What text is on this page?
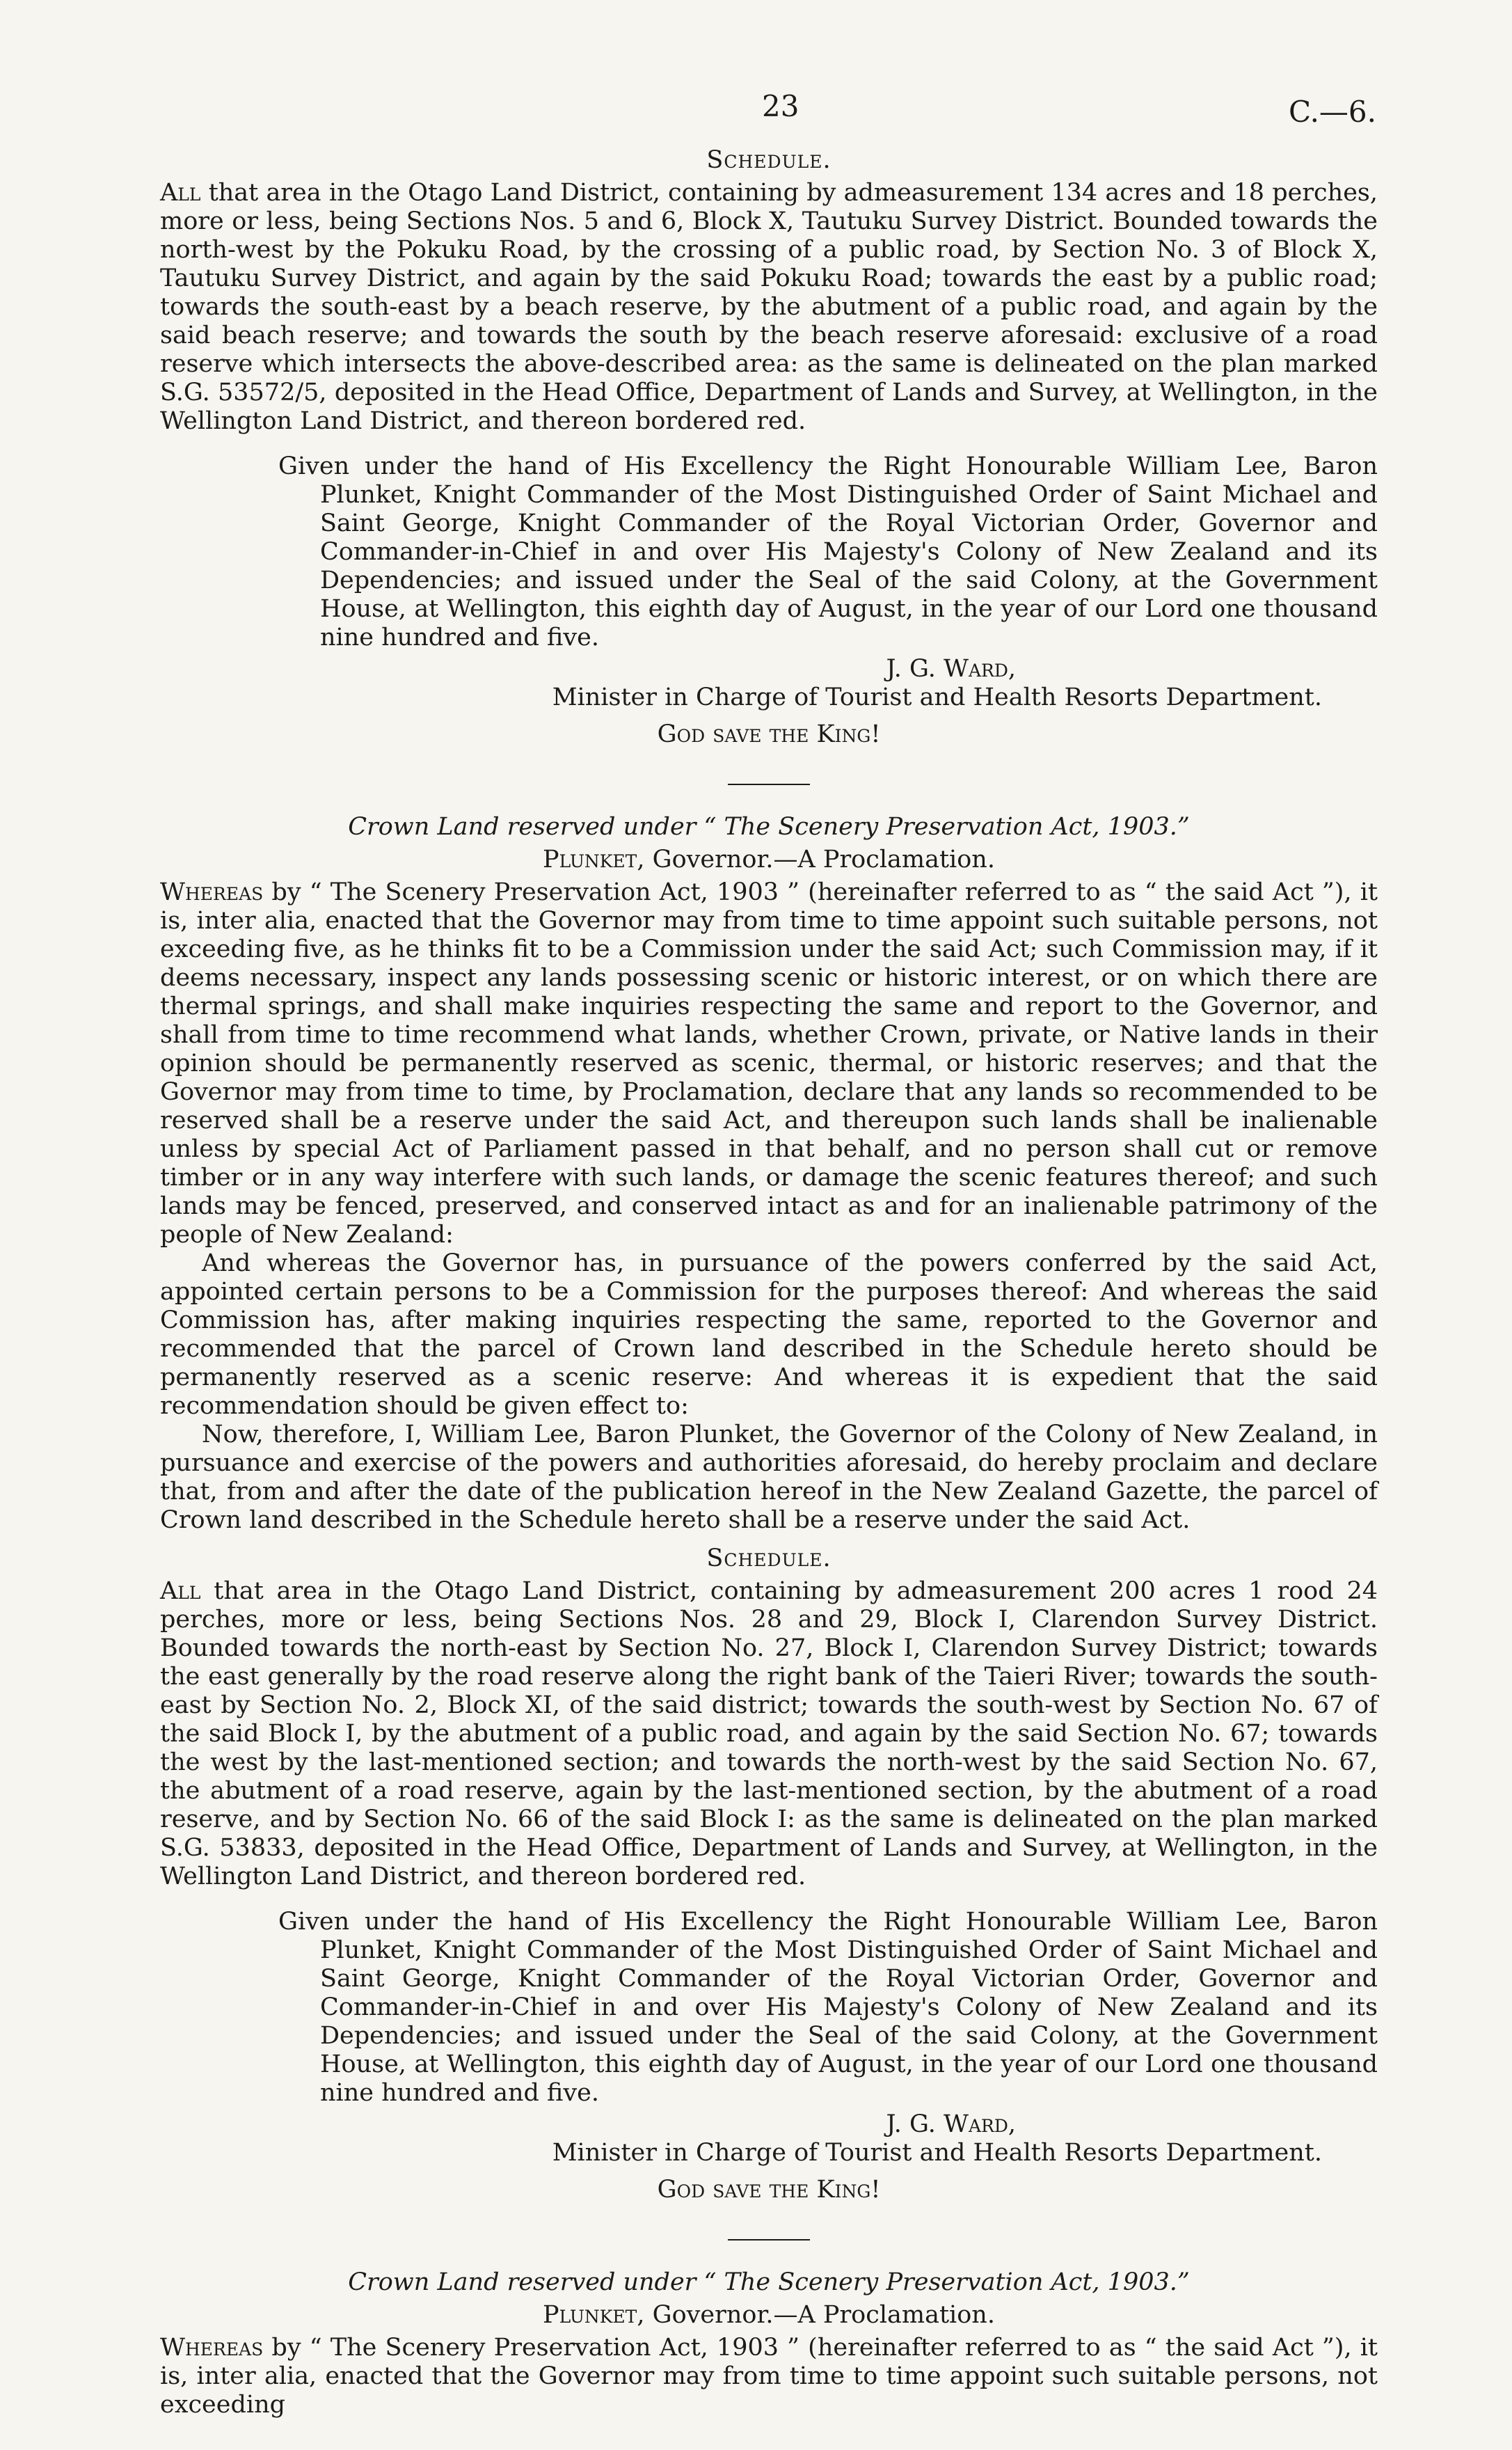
23	C.—6.
Schedule.

All that area in the Otago Land District, containing by admeasurement 134 acres and 18 perches, more or less, being Sections Nos. 5 and 6, Block X, Tautuku Survey District. Bounded towards the north-west by the Pokuku Road, by the crossing of a public road, by Section No. 3 of Block X, Tautuku Survey District, and again by the said Pokuku Road; towards the east by a public road; towards the south-east by a beach reserve, by the abutment of a public road, and again by the said beach reserve; and towards the south by the beach reserve aforesaid: exclusive of a road reserve which intersects the above-described area: as the same is delineated on the plan marked S.G. 53572/5, deposited in the Head Office, Department of Lands and Survey, at Wellington, in the Wellington Land District, and thereon bordered red.

Given under the hand of His Excellency the Right Honourable William Lee, Baron Plunket, Knight Commander of the Most Distinguished Order of Saint Michael and Saint George, Knight Commander of the Royal Victorian Order, Governor and Commander-in-Chief in and over His Majesty's Colony of New Zealand and its Dependencies; and issued under the Seal of the said Colony, at the Government House, at Wellington, this eighth day of August, in the year of our Lord one thousand nine hundred and five.

J. G. Ward,
Minister in Charge of Tourist and Health Resorts Department.
God save the King!
Crown Land reserved under “ The Scenery Preservation Act, 1903.”
Plunket, Governor.—A Proclamation.

Whereas by “ The Scenery Preservation Act, 1903 ” (hereinafter referred to as “ the said Act ”), it is, inter alia, enacted that the Governor may from time to time appoint such suitable persons, not exceeding five, as he thinks fit to be a Commission under the said Act; such Commission may, if it deems necessary, inspect any lands possessing scenic or historic interest, or on which there are thermal springs, and shall make inquiries respecting the same and report to the Governor, and shall from time to time recommend what lands, whether Crown, private, or Native lands in their opinion should be permanently reserved as scenic, thermal, or historic reserves; and that the Governor may from time to time, by Proclamation, declare that any lands so recommended to be reserved shall be a reserve under the said Act, and thereupon such lands shall be inalienable unless by special Act of Parliament passed in that behalf, and no person shall cut or remove timber or in any way interfere with such lands, or damage the scenic features thereof; and such lands may be fenced, preserved, and conserved intact as and for an inalienable patrimony of the people of New Zealand:

And whereas the Governor has, in pursuance of the powers conferred by the said Act, appointed certain persons to be a Commission for the purposes thereof: And whereas the said Commission has, after making inquiries respecting the same, reported to the Governor and recommended that the parcel of Crown land described in the Schedule hereto should be permanently reserved as a scenic reserve: And whereas it is expedient that the said recommendation should be given effect to:

Now, therefore, I, William Lee, Baron Plunket, the Governor of the Colony of New Zealand, in pursuance and exercise of the powers and authorities aforesaid, do hereby proclaim and declare that, from and after the date of the publication hereof in the New Zealand Gazette, the parcel of Crown land described in the Schedule hereto shall be a reserve under the said Act.

Schedule.

All that area in the Otago Land District, containing by admeasurement 200 acres 1 rood 24 perches, more or less, being Sections Nos. 28 and 29, Block I, Clarendon Survey District. Bounded towards the north-east by Section No. 27, Block I, Clarendon Survey District; towards the east generally by the road reserve along the right bank of the Taieri River; towards the south-east by Section No. 2, Block XI, of the said district; towards the south-west by Section No. 67 of the said Block I, by the abutment of a public road, and again by the said Section No. 67; towards the west by the last-mentioned section; and towards the north-west by the said Section No. 67, the abutment of a road reserve, again by the last-mentioned section, by the abutment of a road reserve, and by Section No. 66 of the said Block I: as the same is delineated on the plan marked S.G. 53833, deposited in the Head Office, Department of Lands and Survey, at Wellington, in the Wellington Land District, and thereon bordered red.

Given under the hand of His Excellency the Right Honourable William Lee, Baron Plunket, Knight Commander of the Most Distinguished Order of Saint Michael and Saint George, Knight Commander of the Royal Victorian Order, Governor and Commander-in-Chief in and over His Majesty's Colony of New Zealand and its Dependencies; and issued under the Seal of the said Colony, at the Government House, at Wellington, this eighth day of August, in the year of our Lord one thousand nine hundred and five.

J. G. Ward,
Minister in Charge of Tourist and Health Resorts Department.
God save the King!
Crown Land reserved under “ The Scenery Preservation Act, 1903.”
Plunket, Governor.—A Proclamation.

Whereas by “ The Scenery Preservation Act, 1903 ” (hereinafter referred to as “ the said Act ”), it is, inter alia, enacted that the Governor may from time to time appoint such suitable persons, not exceeding
